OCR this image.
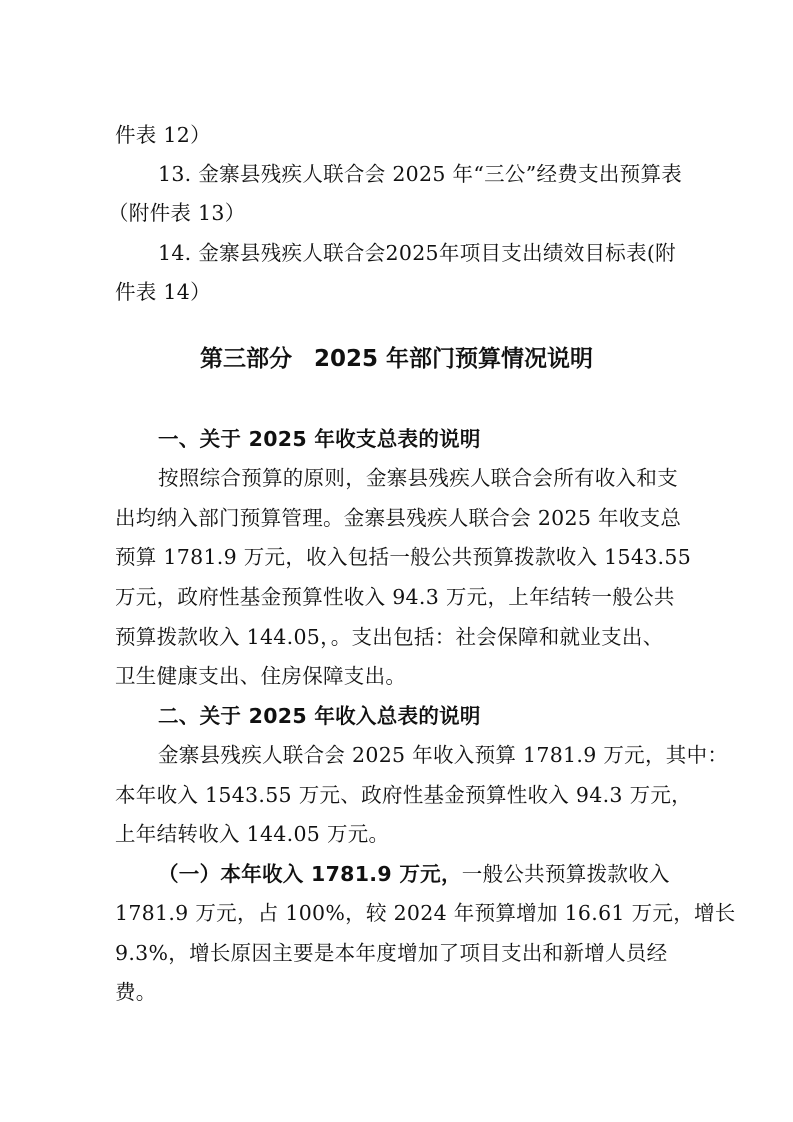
件表 12）
13. 金寨县残疾人联合会 2025 年“三公”经费支出预算表
（附件表 13）
14. 金寨县残疾人联合会2025年项目支出绩效目标表(附
件表 14）
第三部分 2025 年部门预算情况说明
一、关于 2025 年收支总表的说明
按照综合预算的原则，金寨县残疾人联合会所有收入和支
出均纳入部门预算管理。金寨县残疾人联合会 2025 年收支总
预算 1781.9 万元，收入包括一般公共预算拨款收入 1543.55
万元，政府性基金预算性收入 94.3 万元，上年结转一般公共
预算拨款收入 144.05，。支出包括：社会保障和就业支出、
卫生健康支出、住房保障支出。
二、关于 2025 年收入总表的说明
金寨县残疾人联合会 2025 年收入预算 1781.9 万元，其中：
本年收入 1543.55 万元、政府性基金预算性收入 94.3 万元，
上年结转收入 144.05 万元。
（一）本年收入 1781.9 万元，一般公共预算拨款收入
1781.9 万元，占 100%，较 2024 年预算增加 16.61 万元，增长
9.3%，增长原因主要是本年度增加了项目支出和新增人员经
费。
